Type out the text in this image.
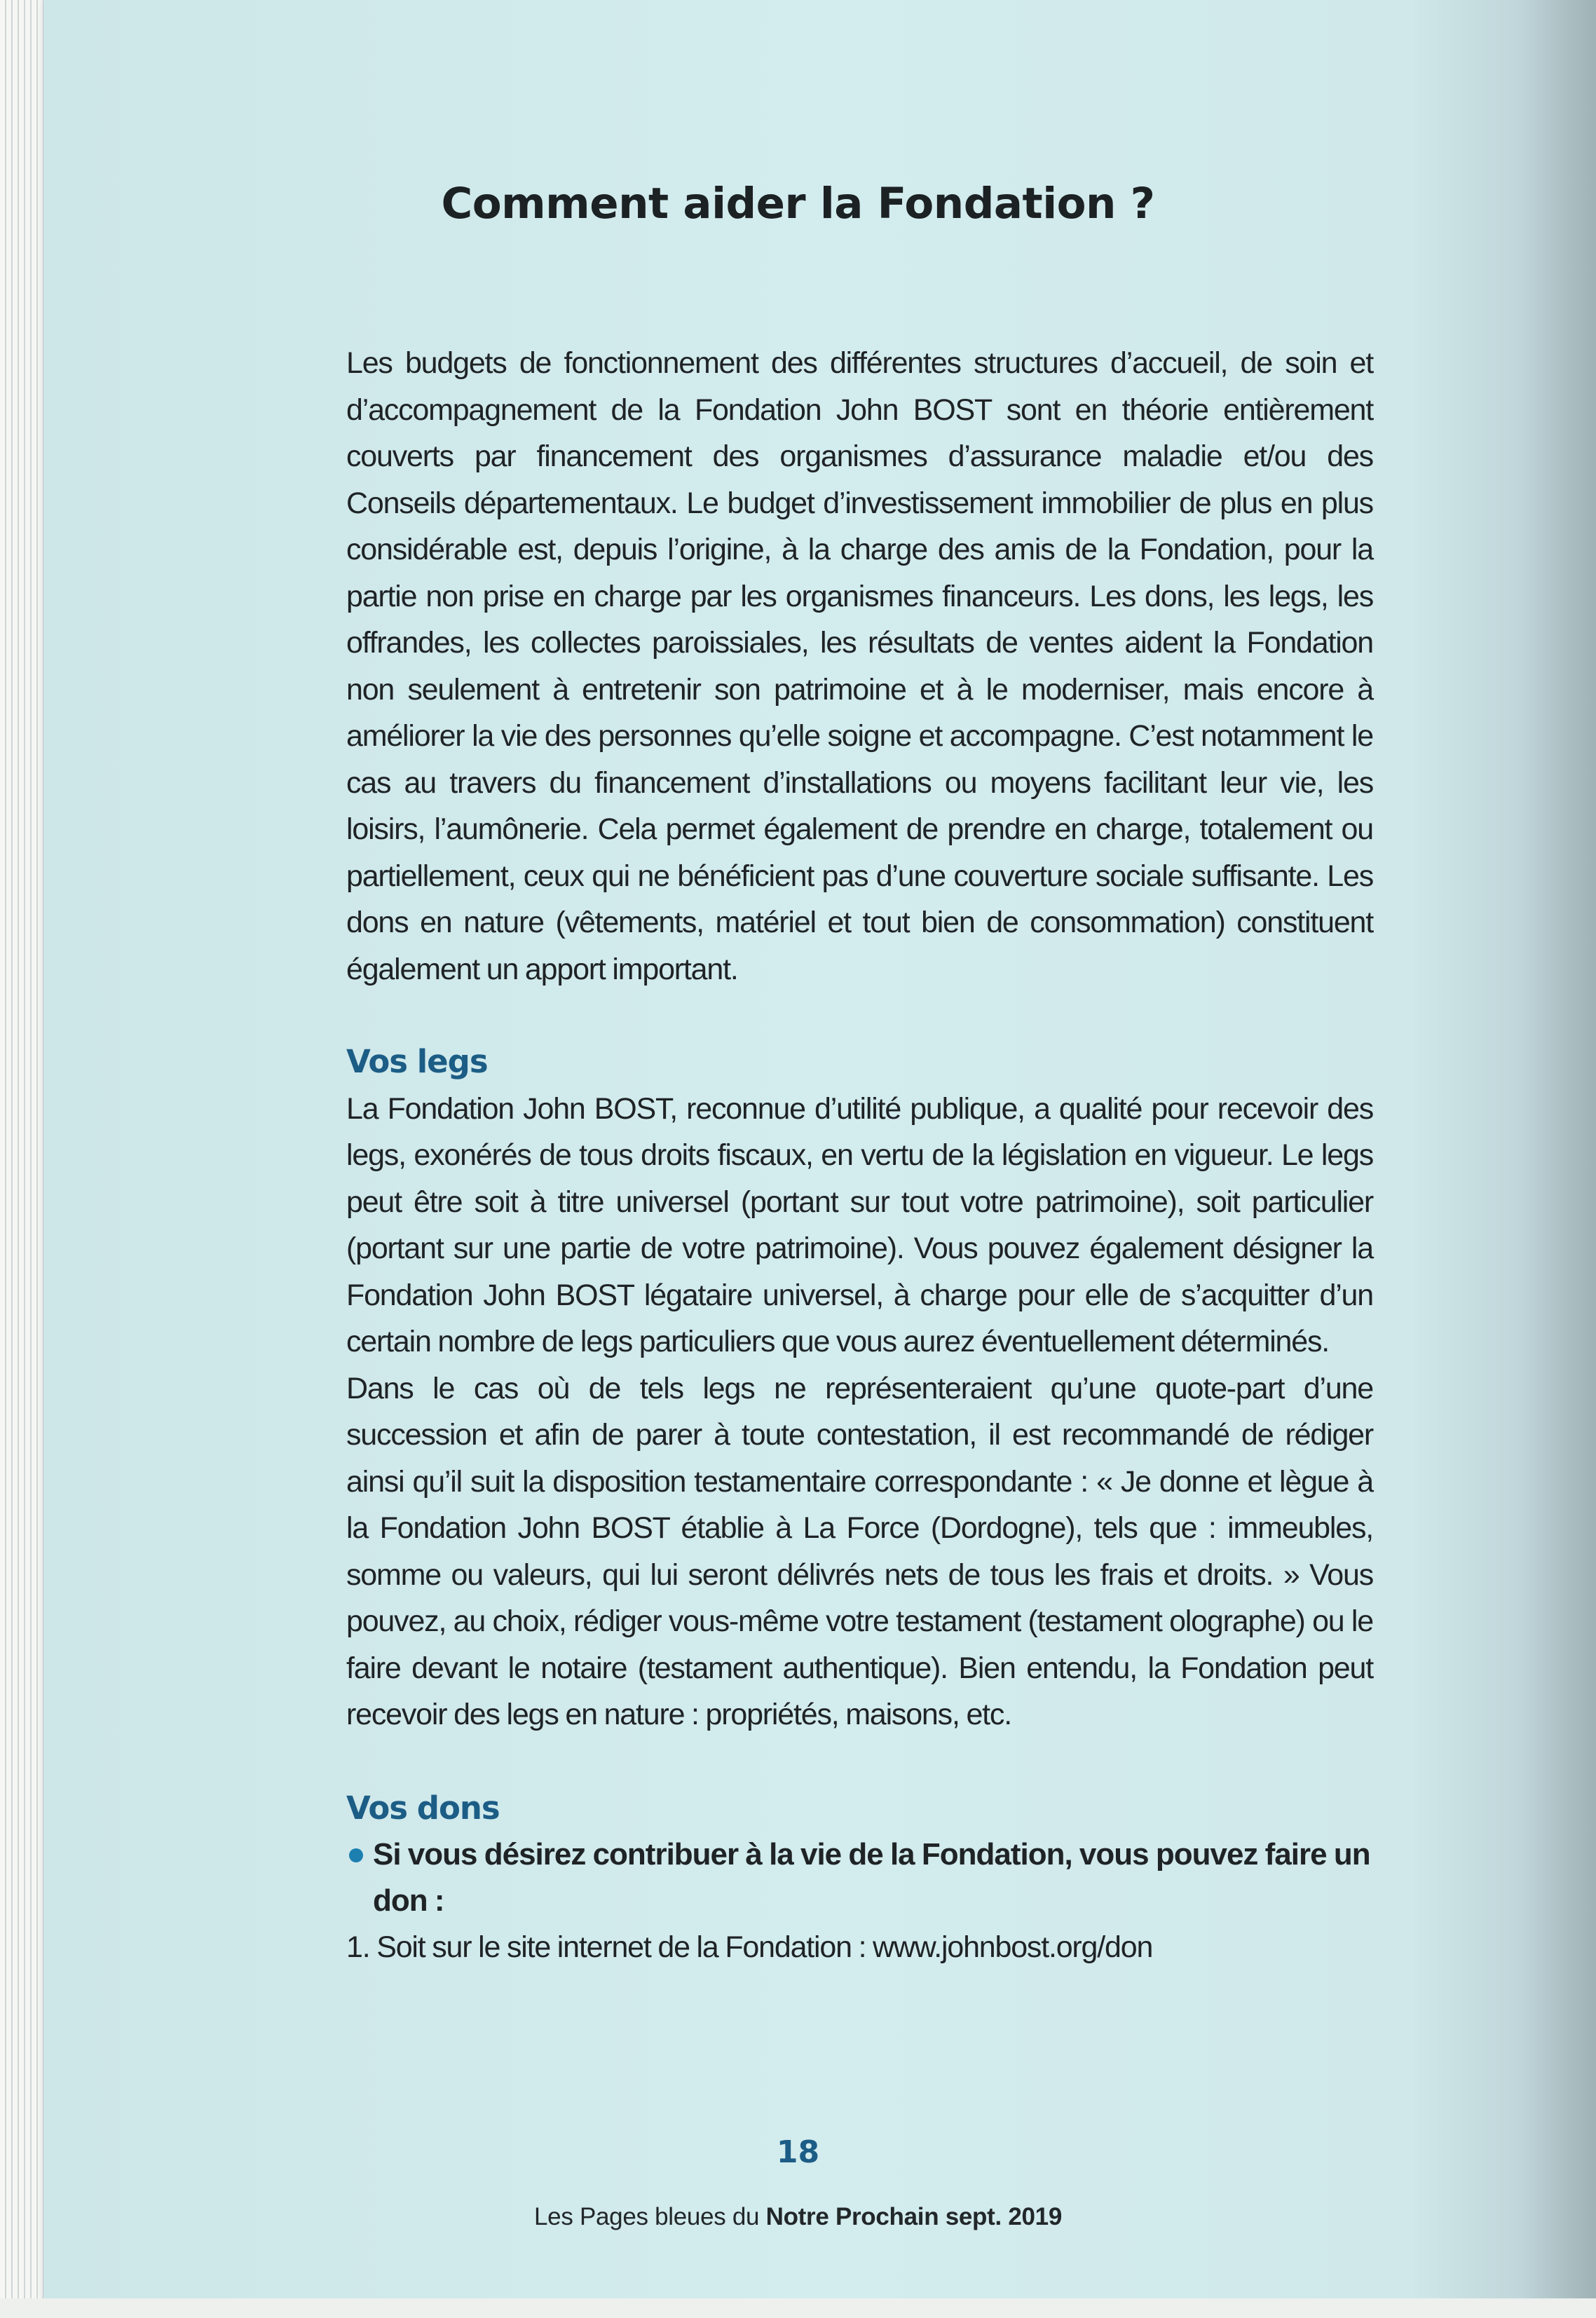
Comment aider la Fondation ?

Les budgets de fonctionnement des différentes structures d’accueil, de soin et d’accompagnement de la Fondation John BOST sont en théorie entièrement couverts par financement des organismes d’assurance maladie et/ou des Conseils départementaux. Le budget d’investissement immobilier de plus en plus considérable est, depuis l’origine, à la charge des amis de la Fondation, pour la partie non prise en charge par les organismes financeurs. Les dons, les legs, les offrandes, les collectes paroissiales, les résultats de ventes aident la Fondation non seulement à entretenir son patrimoine et à le moderniser, mais encore à améliorer la vie des personnes qu’elle soigne et accompagne. C’est notamment le cas au travers du financement d’installations ou moyens facilitant leur vie, les loisirs, l’aumônerie. Cela permet également de prendre en charge, totalement ou partiellement, ceux qui ne bénéficient pas d’une couverture sociale suffisante. Les dons en nature (vêtements, matériel et tout bien de consommation) constituent également un apport important.

Vos legs

La Fondation John BOST, reconnue d’utilité publique, a qualité pour recevoir des legs, exonérés de tous droits fiscaux, en vertu de la législation en vigueur. Le legs peut être soit à titre universel (portant sur tout votre patrimoine), soit particulier (portant sur une partie de votre patrimoine). Vous pouvez également désigner la Fondation John BOST légataire universel, à charge pour elle de s’acquitter d’un certain nombre de legs particuliers que vous aurez éventuellement déterminés.

Dans le cas où de tels legs ne représenteraient qu’une quote-part d’une succession et afin de parer à toute contestation, il est recommandé de rédiger ainsi qu’il suit la disposition testamentaire correspondante : « Je donne et lègue à la Fondation John BOST établie à La Force (Dordogne), tels que : immeubles, somme ou valeurs, qui lui seront délivrés nets de tous les frais et droits. » Vous pouvez, au choix, rédiger vous-même votre testament (testament olographe) ou le faire devant le notaire (testament authentique). Bien entendu, la Fondation peut recevoir des legs en nature : propriétés, maisons, etc.

Vos dons
Si vous désirez contribuer à la vie de la Fondation, vous pouvez faire un don :

1. Soit sur le site internet de la Fondation : www.johnbost.org/don

18
Les Pages bleues du Notre Prochain sept. 2019
